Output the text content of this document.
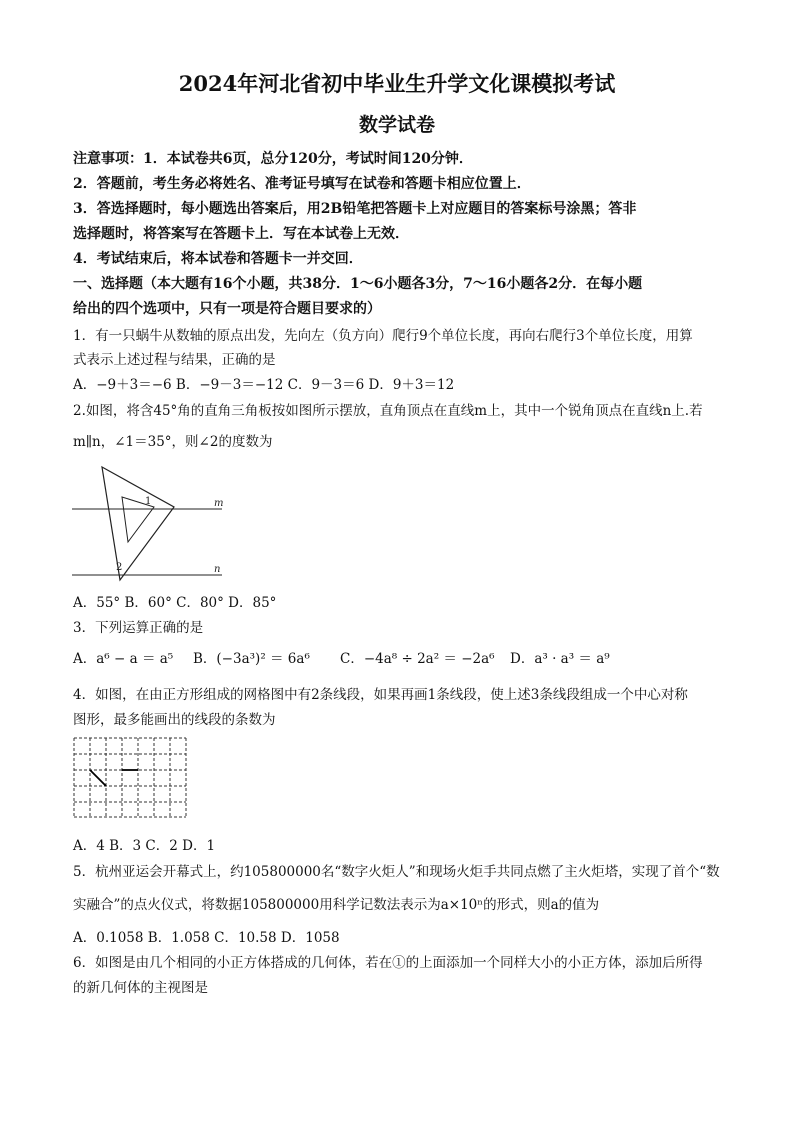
2024年河北省初中毕业生升学文化课模拟考试
数学试卷
注意事项：1．本试卷共6页，总分120分，考试时间120分钟．
2．答题前，考生务必将姓名、准考证号填写在试卷和答题卡相应位置上．
3．答选择题时，每小题选出答案后，用2B铅笔把答题卡上对应题目的答案标号涂黑；答非
选择题时，将答案写在答题卡上．写在本试卷上无效．
4．考试结束后，将本试卷和答题卡一并交回．
一、选择题（本大题有16个小题，共38分．1～6小题各3分，7～16小题各2分．在每小题
给出的四个选项中，只有一项是符合题目要求的）
1．有一只蜗牛从数轴的原点出发，先向左（负方向）爬行9个单位长度，再向右爬行3个单位长度，用算
式表示上述过程与结果，正确的是
A．−9＋3＝−6 B．−9－3＝−12 C．9－3＝6 D．9＋3＝12
2.如图，将含45°角的直角三角板按如图所示摆放，直角顶点在直线m上，其中一个锐角顶点在直线n上.若
m∥n，∠1＝35°，则∠2的度数为
m
n
1
2
A．55° B．60° C．80° D．85°
3．下列运算正确的是
A．a⁶ − a ＝ a⁵ B．(−3a³)² ＝ 6a⁶ C．−4a⁸ ÷ 2a² ＝ −2a⁶ D．a³ · a³ ＝ a⁹
4．如图，在由正方形组成的网格图中有2条线段，如果再画1条线段，使上述3条线段组成一个中心对称
图形，最多能画出的线段的条数为
A．4 B．3 C．2 D．1
5．杭州亚运会开幕式上，约105800000名“数字火炬人”和现场火炬手共同点燃了主火炬塔，实现了首个“数
实融合”的点火仪式，将数据105800000用科学记数法表示为a×10ⁿ的形式，则a的值为
A．0.1058 B．1.058 C．10.58 D．1058
6．如图是由几个相同的小正方体搭成的几何体，若在①的上面添加一个同样大小的小正方体，添加后所得
的新几何体的主视图是
